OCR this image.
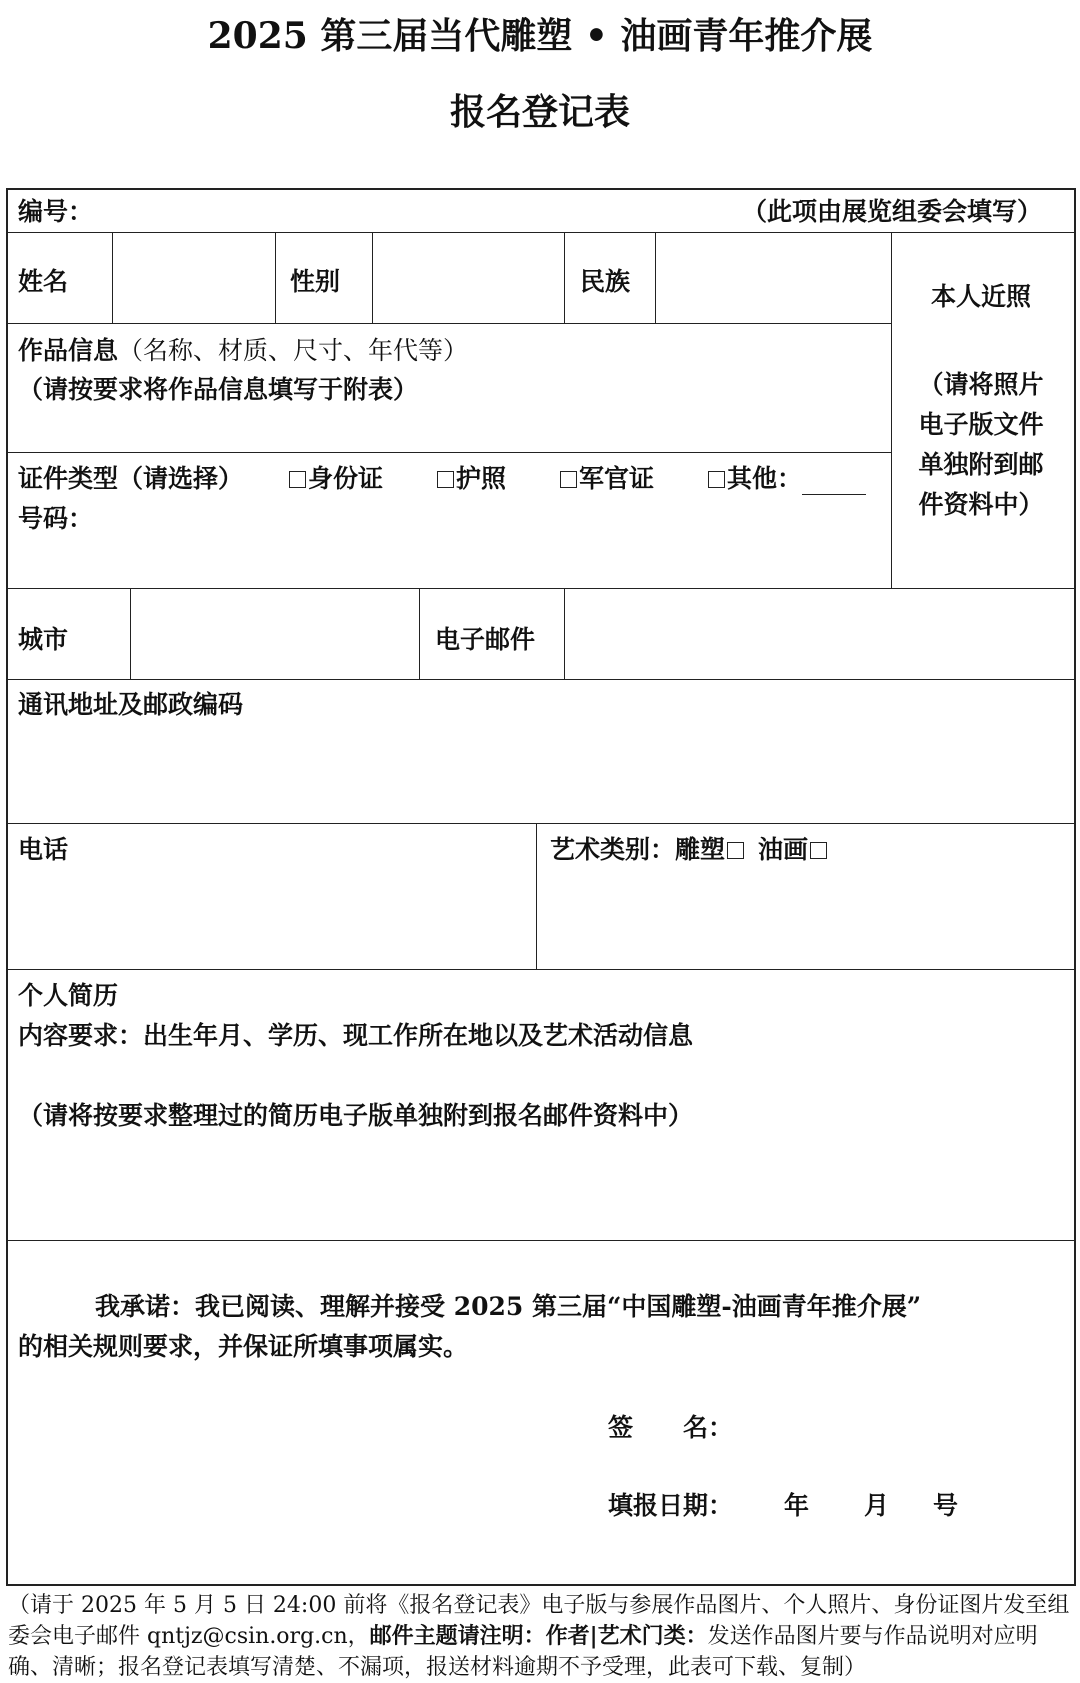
2025 第三届当代雕塑 • 油画青年推介展
报名登记表
编号：	（此项由展览组委会填写）
姓名	性别	民族
本人近照
（请将照片
电子版文件
单独附到邮
件资料中）
作品信息（名称、材质、尺寸、年代等）
（请按要求将作品信息填写于附表）
证件类型（请选择）	身份证	护照	军官证	其他：
号码：
城市	电子邮件
通讯地址及邮政编码
电话	艺术类别：雕塑 油画
个人简历
内容要求：出生年月、学历、现工作所在地以及艺术活动信息
（请将按要求整理过的简历电子版单独附到报名邮件资料中）
我承诺：我已阅读、理解并接受 2025 第三届“中国雕塑-油画青年推介展”
的相关规则要求，并保证所填事项属实。
签　　名：
填报日期： 年 月 号
（请于 2025 年 5 月 5 日 24:00 前将《报名登记表》电子版与参展作品图片、个人照片、身份证图片发至组委会电子邮件 qntjz@csin.org.cn，邮件主题请注明：作者|艺术门类：发送作品图片要与作品说明对应明确、清晰；报名登记表填写清楚、不漏项，报送材料逾期不予受理，此表可下载、复制）
